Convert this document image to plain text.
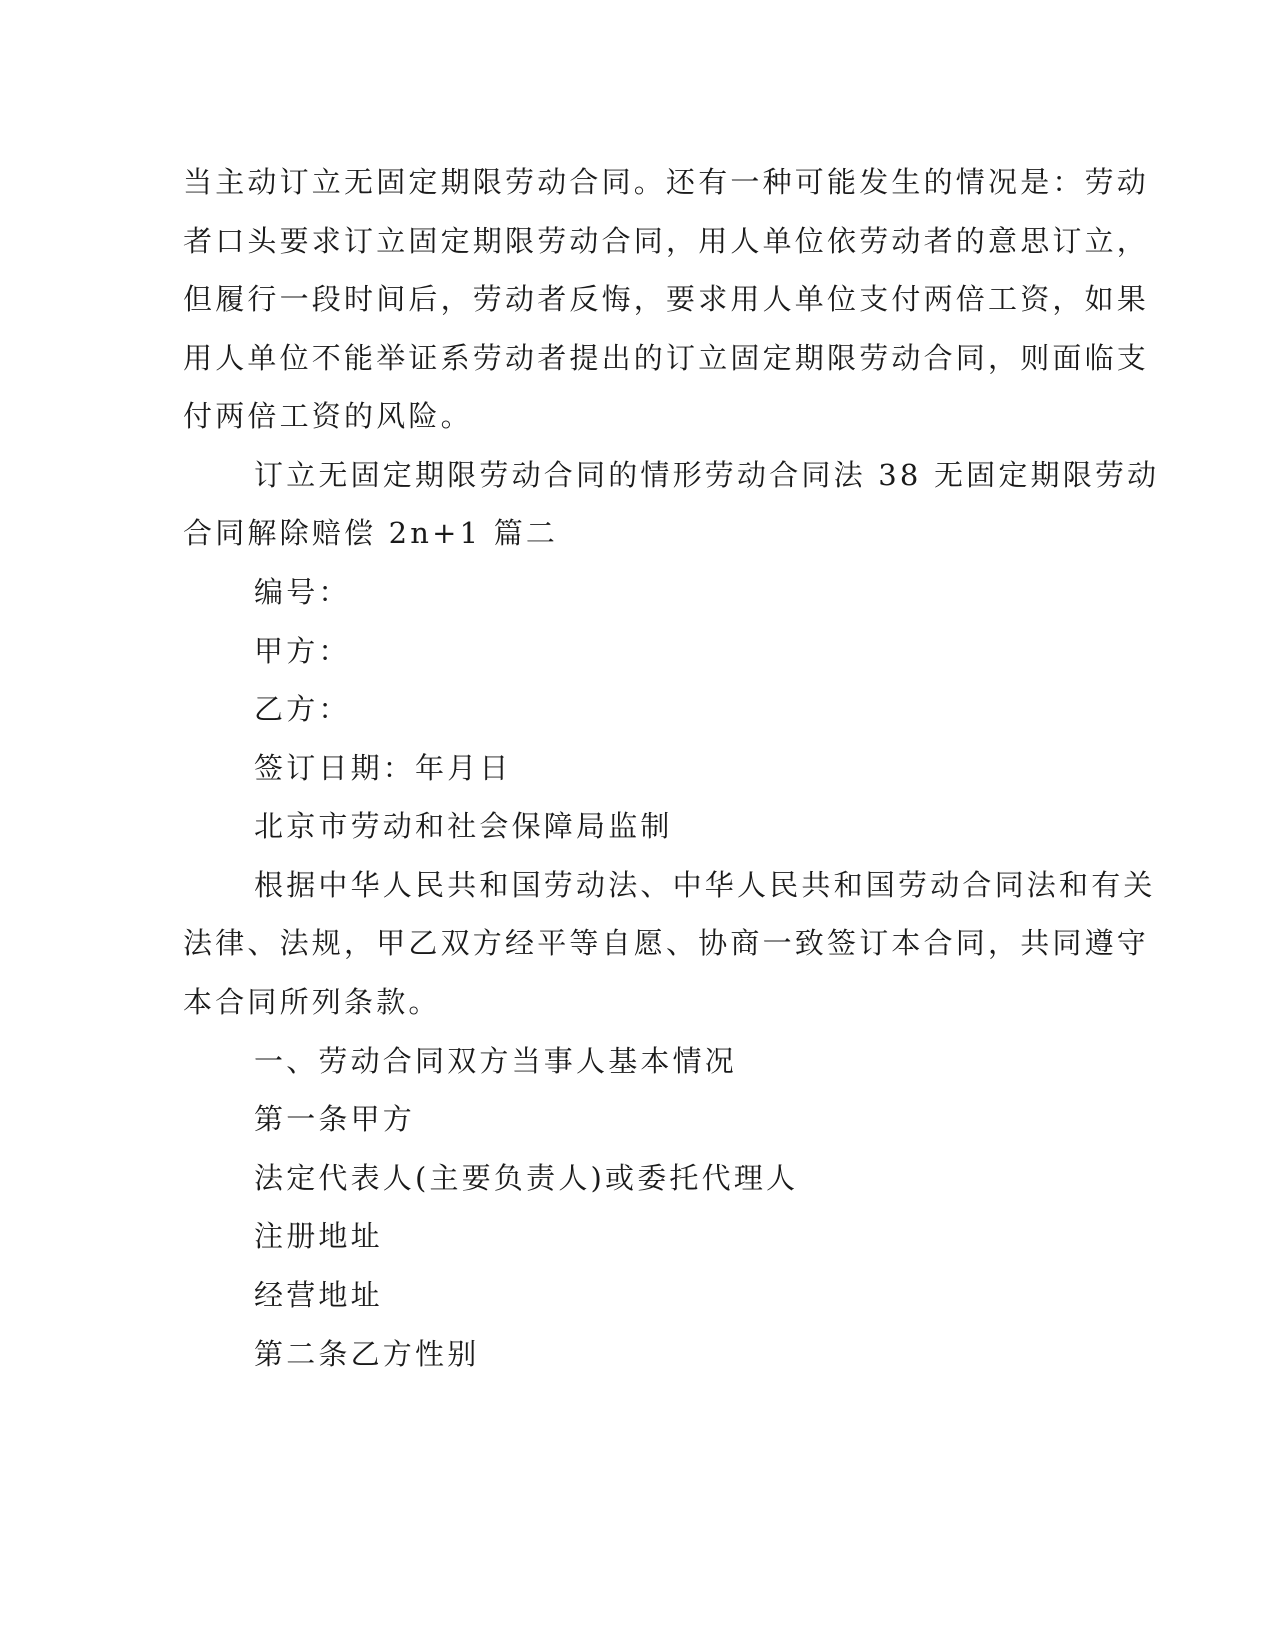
当主动订立无固定期限劳动合同。还有一种可能发生的情况是：劳动
者口头要求订立固定期限劳动合同，用人单位依劳动者的意思订立，
但履行一段时间后，劳动者反悔，要求用人单位支付两倍工资，如果
用人单位不能举证系劳动者提出的订立固定期限劳动合同，则面临支
付两倍工资的风险。
订立无固定期限劳动合同的情形劳动合同法 38 无固定期限劳动
合同解除赔偿 2n+1 篇二
编号：
甲方：
乙方：
签订日期：年月日
北京市劳动和社会保障局监制
根据中华人民共和国劳动法、中华人民共和国劳动合同法和有关
法律、法规，甲乙双方经平等自愿、协商一致签订本合同，共同遵守
本合同所列条款。
一、劳动合同双方当事人基本情况
第一条甲方
法定代表人(主要负责人)或委托代理人
注册地址
经营地址
第二条乙方性别
